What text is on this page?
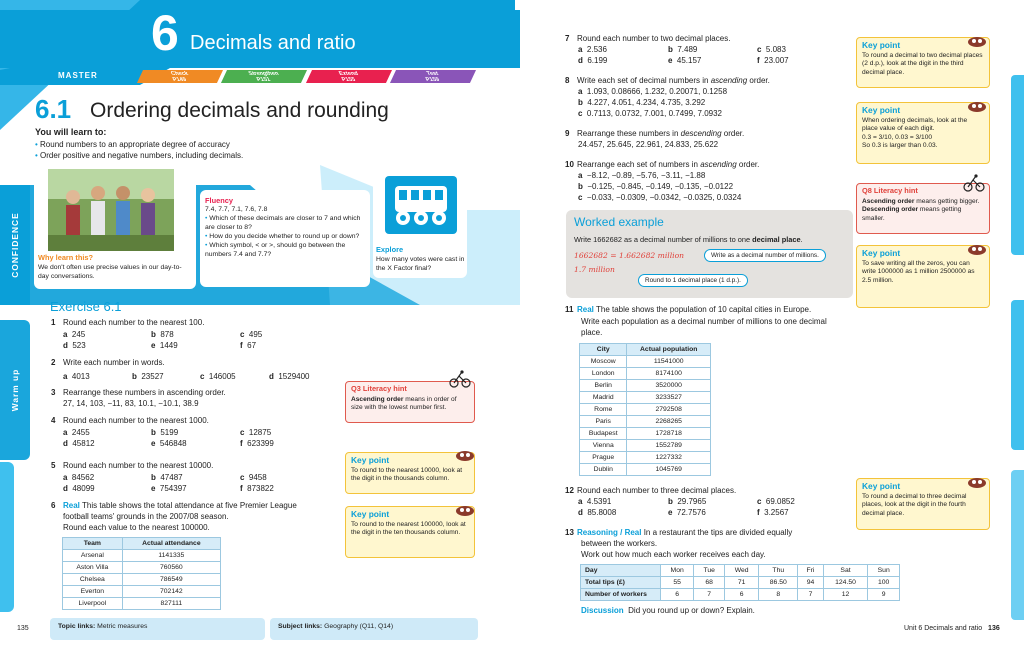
6 Decimals and ratio
MASTER	Check
P149
Strengthen
P151
Extend
P155
Test
P159
6.1 Ordering decimals and rounding
You will learn to:
• Round numbers to an appropriate degree of accuracy
• Order positive and negative numbers, including decimals.
CONFIDENCE
Warm up
Why learn this?
We don't often use precise values in our day-to-day conversations.
Fluency
7.4, 7.7, 7.1, 7.6, 7.8
• Which of these decimals are closer to 7 and which are closer to 8?
• How do you decide whether to round up or down?
• Which symbol, < or >, should go between the numbers 7.4 and 7.7?
Explore
How many votes were cast in the X Factor final?
Exercise 6.1
1 Round each number to the nearest 100.
a 245	b 878	c 495
d 523	e 1449	f 67
2 Write each number in words.
a 4013	b 23527	c 146005	d 1529400
3 Rearrange these numbers in ascending order.
27, 14, 103, −11, 83, 10.1, −10.1, 38.9
4 Round each number to the nearest 1000.
a 2455	b 5199	c 12875
d 45812	e 546848	f 623399
5 Round each number to the nearest 10000.
a 84562	b 47487	c 9458
d 48099	e 754397	f 873822
6 Real This table shows the total attendance at five Premier League
football teams' grounds in the 2007/08 season.
Round each value to the nearest 100000.
Team	Actual attendance
Arsenal	1141335
Aston Villa	760560
Chelsea	786549
Everton	702142
Liverpool	827111
Q3 Literacy hint
Ascending order means in order of size with the lowest number first.
Key point
To round to the nearest 10000, look at the digit in the thousands column.
Key point
To round to the nearest 100000, look at the digit in the ten thousands column.
135	Topic links: Metric measures	Subject links: Geography (Q11, Q14)
7 Round each number to two decimal places.
a 2.536	b 7.489	c 5.083
d 6.199	e 45.157	f 23.007
8 Write each set of decimal numbers in ascending order.
a 1.093, 0.08666, 1.232, 0.20071, 0.1258
b 4.227, 4.051, 4.234, 4.735, 3.292
c 0.7113, 0.0732, 7.001, 0.7499, 7.0932
9 Rearrange these numbers in descending order.
24.457, 25.645, 22.961, 24.833, 25.622
10 Rearrange each set of numbers in ascending order.
a −8.12, −0.89, −5.76, −3.11, −1.88
b −0.125, −0.845, −0.149, −0.135, −0.0122
c −0.033, −0.0309, −0.0342, −0.0325, 0.0324
Worked example
Write 1662682 as a decimal number of millions to one decimal place.
1662682 = 1.662682 million
1.7 million
Write as a decimal number of millions.
Round to 1 decimal place (1 d.p.).
11 Real The table shows the population of 10 capital cities in Europe.
Write each population as a decimal number of millions to one decimal
place.
City	Actual population
Moscow	11541000
London	8174100
Berlin	3520000
Madrid	3233527
Rome	2792508
Paris	2268265
Budapest	1728718
Vienna	1552789
Prague	1227332
Dublin	1045769
12 Round each number to three decimal places.
a 4.5391	b 29.7965	c 69.0852
d 85.8008	e 72.7576	f 3.2567
13 Reasoning / Real In a restaurant the tips are divided equally
between the workers.
Work out how much each worker receives each day.
Day	Mon	Tue	Wed	Thu	Fri	Sat	Sun
Total tips (£)	55	68	71	86.50	94	124.50	100
Number of workers	6	7	6	8	7	12	9
Discussion Did you round up or down? Explain.
Key point
To round a decimal to two decimal places (2 d.p.), look at the digit in the third decimal place.
Key point
When ordering decimals, look at the place value of each digit.
0.3 = 3/10, 0.03 = 3/100
So 0.3 is larger than 0.03.
Q8 Literacy hint
Ascending order means getting bigger. Descending order means getting smaller.
Key point
To save writing all the zeros, you can write 1000000 as 1 million 2500000 as 2.5 million.
Key point
To round a decimal to three decimal places, look at the digit in the fourth decimal place.
Unit 6 Decimals and ratio 136
